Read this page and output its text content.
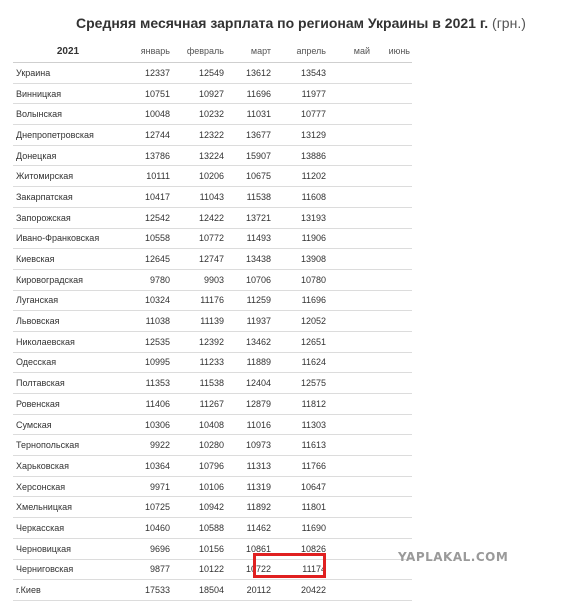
Средняя месячная зарплата по регионам Украины в 2021 г. (грн.)
2021	январь	февраль	март	апрель	май	июнь
Украина	12337	12549	13612	13543		
Винницкая	10751	10927	11696	11977		
Волынская	10048	10232	11031	10777		
Днепропетровская	12744	12322	13677	13129		
Донецкая	13786	13224	15907	13886		
Житомирская	10111	10206	10675	11202		
Закарпатская	10417	11043	11538	11608		
Запорожская	12542	12422	13721	13193		
Ивано-Франковская	10558	10772	11493	11906		
Киевская	12645	12747	13438	13908		
Кировоградская	9780	9903	10706	10780		
Луганская	10324	11176	11259	11696		
Львовская	11038	11139	11937	12052		
Николаевская	12535	12392	13462	12651		
Одесская	10995	11233	11889	11624		
Полтавская	11353	11538	12404	12575		
Ровенская	11406	11267	12879	11812		
Сумская	10306	10408	11016	11303		
Тернопольская	9922	10280	10973	11613		
Харьковская	10364	10796	11313	11766		
Херсонская	9971	10106	11319	10647		
Хмельницкая	10725	10942	11892	11801		
Черкасская	10460	10588	11462	11690		
Черновицкая	9696	10156	10861	10826		
Черниговская	9877	10122	10722	11174		
г.Киев	17533	18504	20112	20422		
YAPLAKAL.COM
